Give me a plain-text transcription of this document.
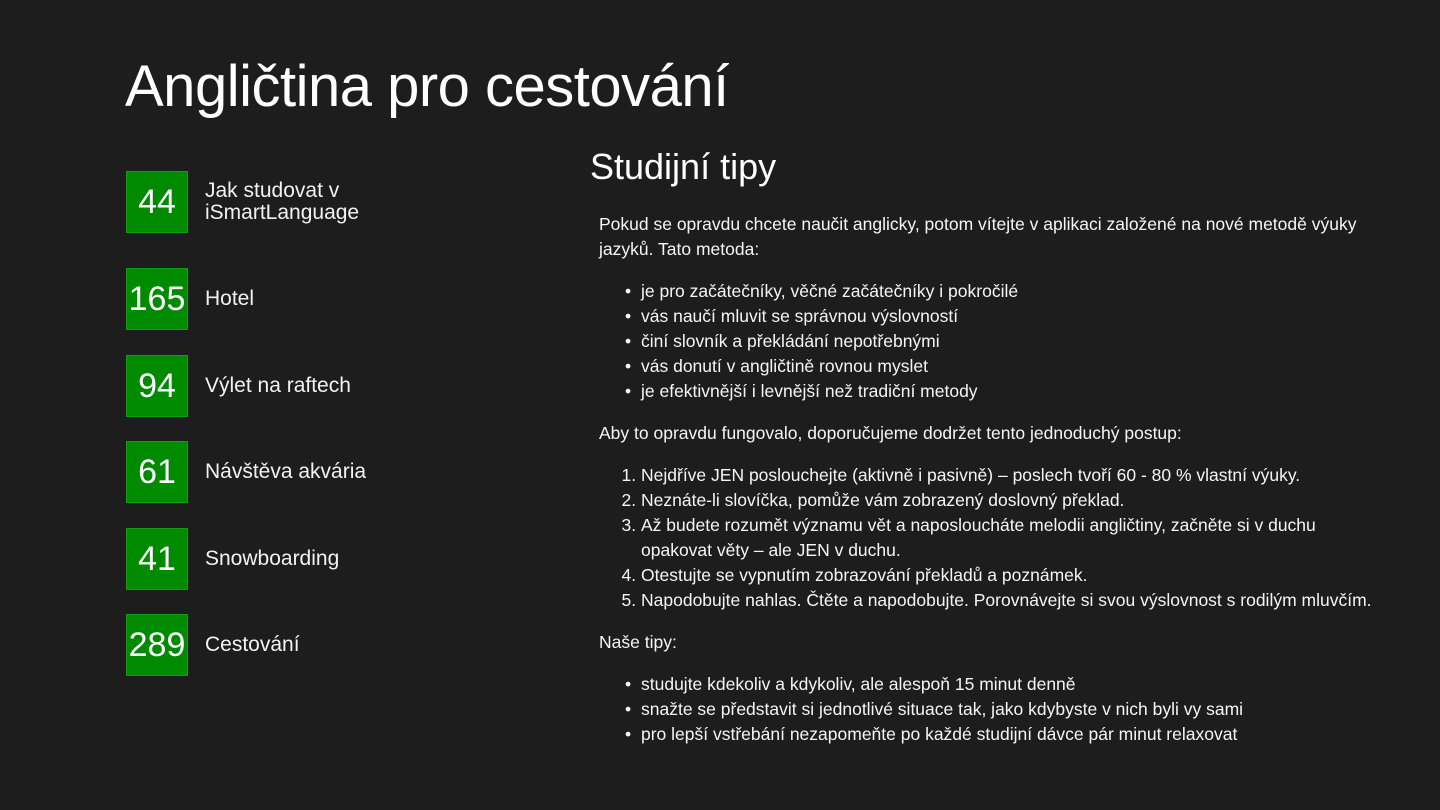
Angličtina pro cestování
44	Jak studovat v iSmartLanguage
165 Hotel
94	Výlet na raftech
61	Návštěva akvária
41	Snowboarding
289 Cestování
Studijní tipy

Pokud se opravdu chcete naučit anglicky, potom vítejte v aplikaci založené na nové metodě výuky jazyků. Tato metoda:

• je pro začátečníky, věčné začátečníky i pokročilé
• vás naučí mluvit se správnou výslovností
• činí slovník a překládání nepotřebnými
• vás donutí v angličtině rovnou myslet
• je efektivnější i levnější než tradiční metody

Aby to opravdu fungovalo, doporučujeme dodržet tento jednoduchý postup:

1. Nejdříve JEN poslouchejte (aktivně i pasivně) – poslech tvoří 60 - 80 % vlastní výuky.
2. Neznáte-li slovíčka, pomůže vám zobrazený doslovný překlad.
3. Až budete rozumět významu vět a naposloucháte melodii angličtiny, začněte si v duchu opakovat věty – ale JEN v duchu.
4. Otestujte se vypnutím zobrazování překladů a poznámek.
5. Napodobujte nahlas. Čtěte a napodobujte. Porovnávejte si svou výslovnost s rodilým mluvčím.

Naše tipy:

• studujte kdekoliv a kdykoliv, ale alespoň 15 minut denně
• snažte se představit si jednotlivé situace tak, jako kdybyste v nich byli vy sami
• pro lepší vstřebání nezapomeňte po každé studijní dávce pár minut relaxovat
